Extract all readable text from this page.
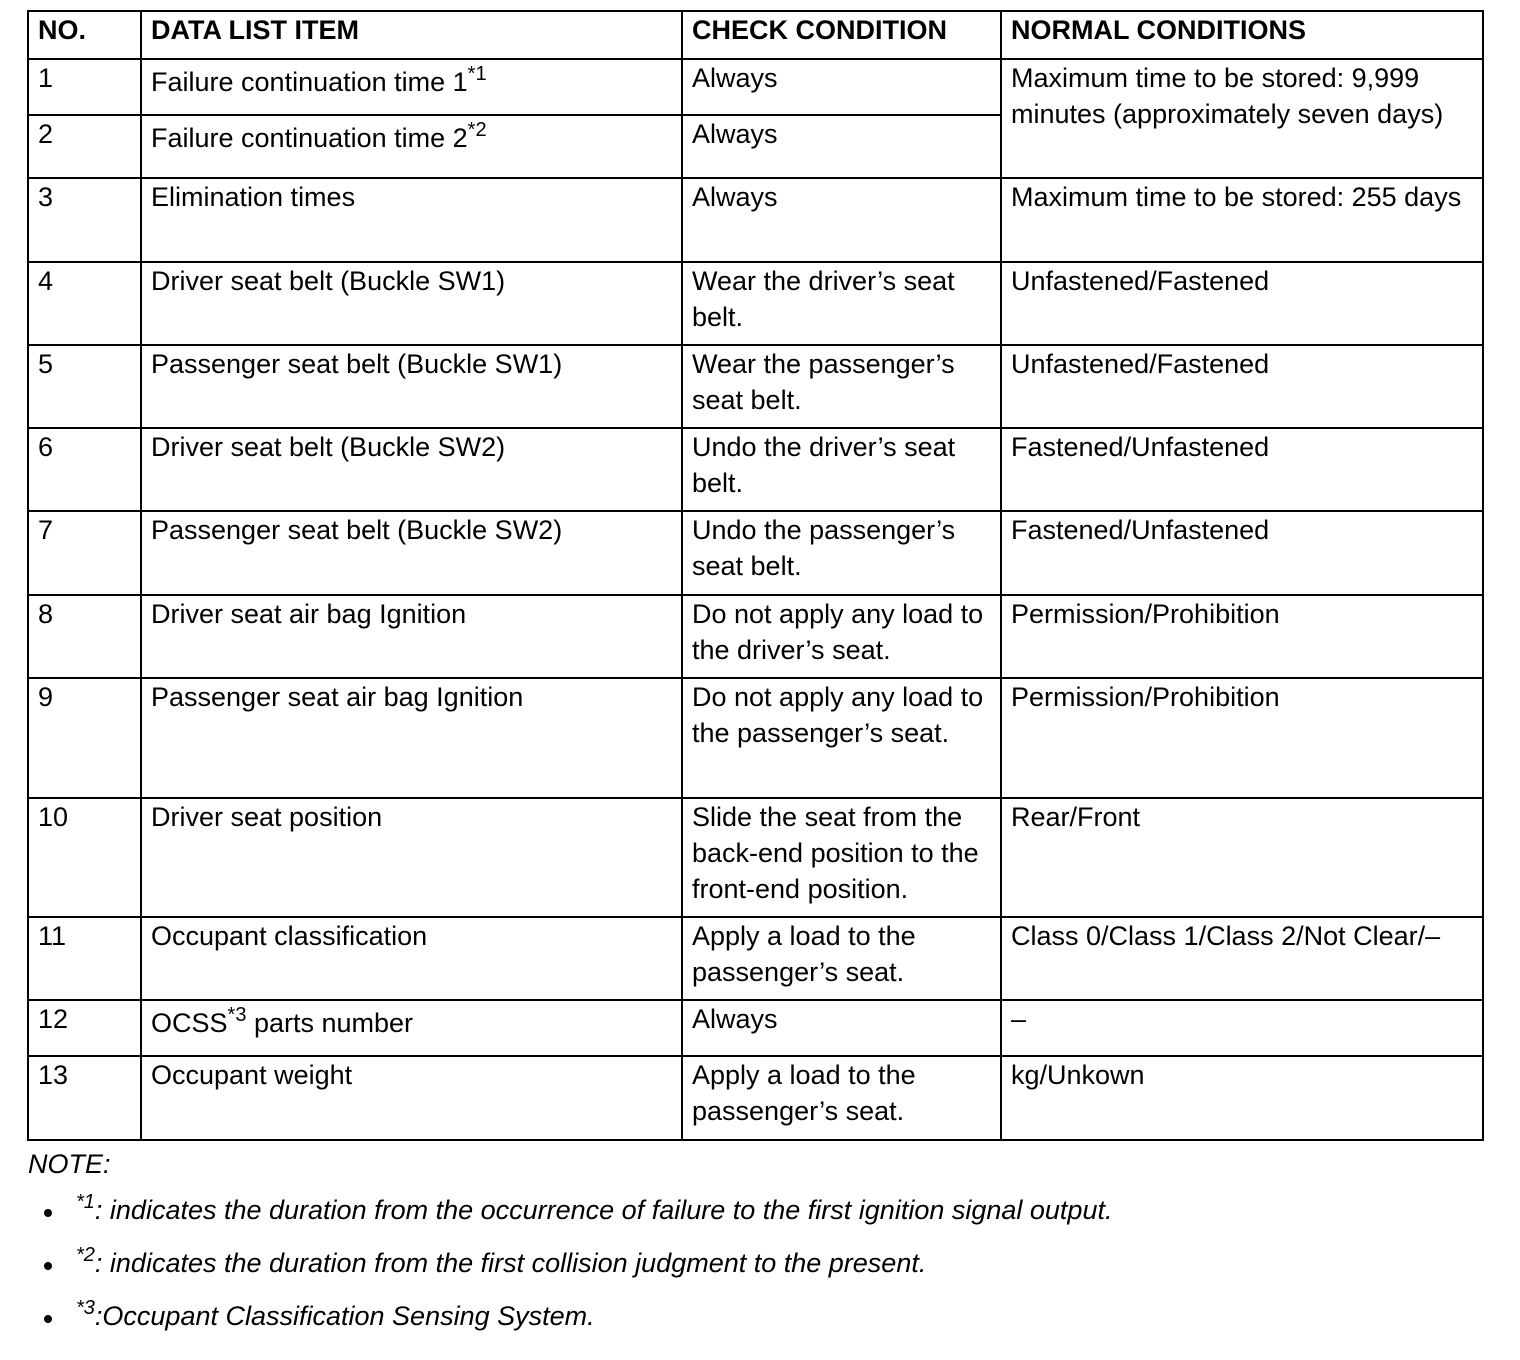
NO.	DATA LIST ITEM	CHECK CONDITION	NORMAL CONDITIONS
1	Failure continuation time 1$^{*1}$	Always	Maximum time to be stored: 9,999 minutes (approximately seven days)
2	Failure continuation time 2$^{*2}$	Always	
3	Elimination times	Always	Maximum time to be stored: 255 days
4	Driver seat belt (Buckle SW1)	Wear the driver’s seat belt.	Unfastened/Fastened
5	Passenger seat belt (Buckle SW1)	Wear the passenger’s seat belt.	Unfastened/Fastened
6	Driver seat belt (Buckle SW2)	Undo the driver’s seat belt.	Fastened/Unfastened
7	Passenger seat belt (Buckle SW2)	Undo the passenger’s seat belt.	Fastened/Unfastened
8	Driver seat air bag Ignition	Do not apply any load to the driver’s seat.	Permission/Prohibition
9	Passenger seat air bag Ignition	Do not apply any load to the passenger’s seat.	Permission/Prohibition
10	Driver seat position	Slide the seat from the back-end position to the front-end position.	Rear/Front
11	Occupant classification	Apply a load to the passenger’s seat.	Class 0/Class 1/Class 2/Not Clear/–
12	OCSS$^{*3}$ parts number	Always	–
13	Occupant weight	Apply a load to the passenger’s seat.	kg/Unkown
NOTE:
$^{*1}$: indicates the duration from the occurrence of failure to the first ignition signal output.
$^{*2}$: indicates the duration from the first collision judgment to the present.
$^{*3}$:Occupant Classification Sensing System.
